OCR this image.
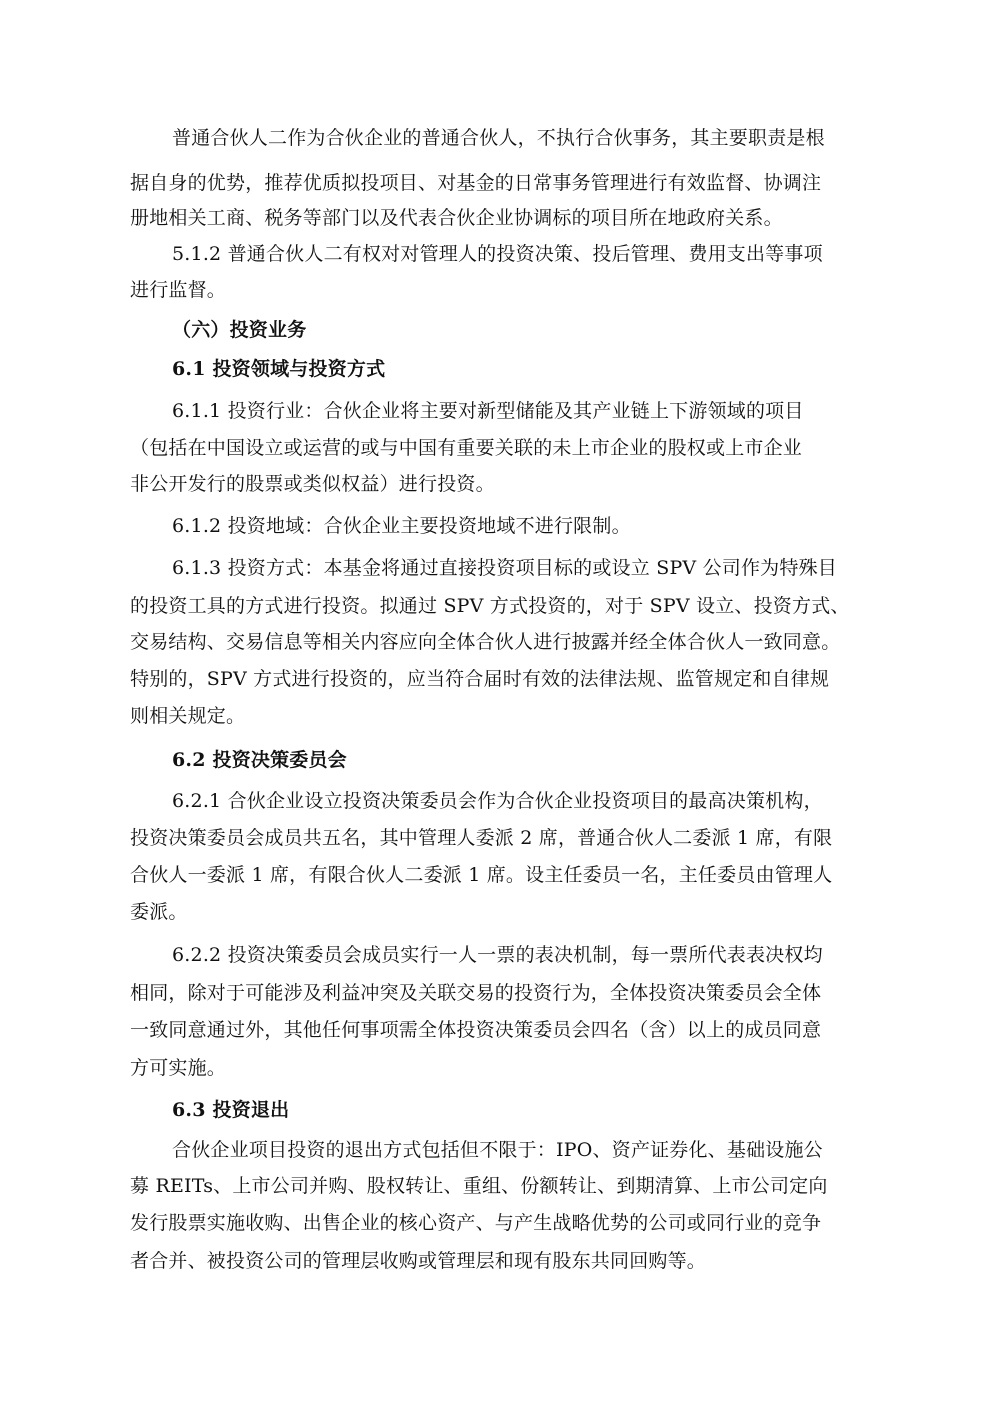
普通合伙人二作为合伙企业的普通合伙人，不执行合伙事务，其主要职责是根
据自身的优势，推荐优质拟投项目、对基金的日常事务管理进行有效监督、协调注
册地相关工商、税务等部门以及代表合伙企业协调标的项目所在地政府关系。
5.1.2 普通合伙人二有权对对管理人的投资决策、投后管理、费用支出等事项
进行监督。
（六）投资业务
6.1 投资领域与投资方式
6.1.1 投资行业：合伙企业将主要对新型储能及其产业链上下游领域的项目
（包括在中国设立或运营的或与中国有重要关联的未上市企业的股权或上市企业
非公开发行的股票或类似权益）进行投资。
6.1.2 投资地域：合伙企业主要投资地域不进行限制。
6.1.3 投资方式：本基金将通过直接投资项目标的或设立 SPV 公司作为特殊目
的投资工具的方式进行投资。拟通过 SPV 方式投资的，对于 SPV 设立、投资方式、
交易结构、交易信息等相关内容应向全体合伙人进行披露并经全体合伙人一致同意。
特别的，SPV 方式进行投资的，应当符合届时有效的法律法规、监管规定和自律规
则相关规定。
6.2 投资决策委员会
6.2.1 合伙企业设立投资决策委员会作为合伙企业投资项目的最高决策机构，
投资决策委员会成员共五名，其中管理人委派 2 席，普通合伙人二委派 1 席，有限
合伙人一委派 1 席，有限合伙人二委派 1 席。设主任委员一名，主任委员由管理人
委派。
6.2.2 投资决策委员会成员实行一人一票的表决机制，每一票所代表表决权均
相同，除对于可能涉及利益冲突及关联交易的投资行为，全体投资决策委员会全体
一致同意通过外，其他任何事项需全体投资决策委员会四名（含）以上的成员同意
方可实施。
6.3 投资退出
合伙企业项目投资的退出方式包括但不限于：IPO、资产证券化、基础设施公
募 REITs、上市公司并购、股权转让、重组、份额转让、到期清算、上市公司定向
发行股票实施收购、出售企业的核心资产、与产生战略优势的公司或同行业的竞争
者合并、被投资公司的管理层收购或管理层和现有股东共同回购等。
